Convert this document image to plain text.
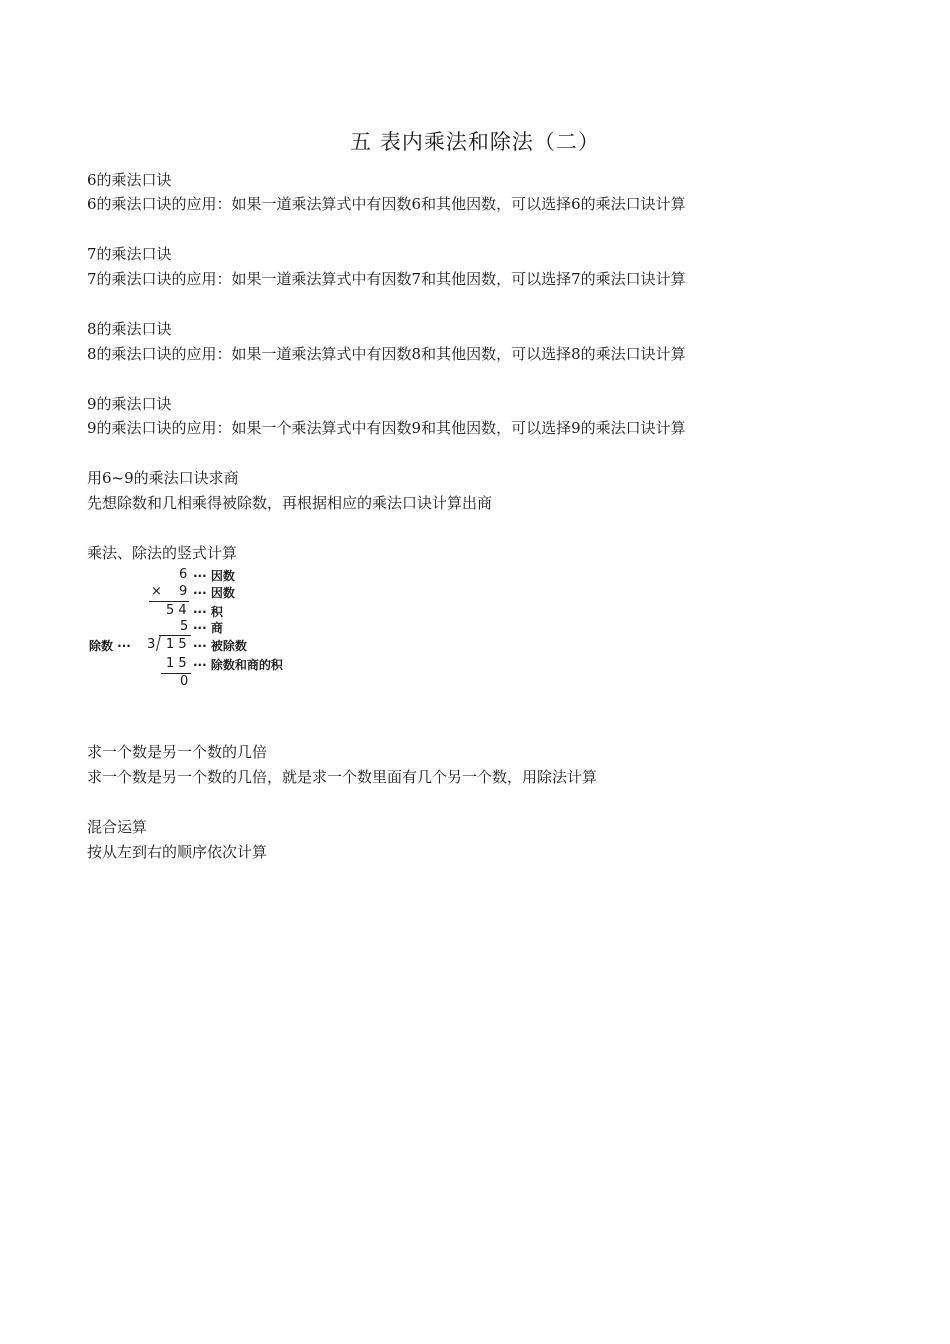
五 表内乘法和除法（二）
6的乘法口诀
6的乘法口诀的应用：如果一道乘法算式中有因数6和其他因数，可以选择6的乘法口诀计算
7的乘法口诀
7的乘法口诀的应用：如果一道乘法算式中有因数7和其他因数，可以选择7的乘法口诀计算
8的乘法口诀
8的乘法口诀的应用：如果一道乘法算式中有因数8和其他因数，可以选择8的乘法口诀计算
9的乘法口诀
9的乘法口诀的应用：如果一个乘法算式中有因数9和其他因数，可以选择9的乘法口诀计算
用6~9的乘法口诀求商
先想除数和几相乘得被除数，再根据相应的乘法口诀计算出商
乘法、除法的竖式计算
6 ··· 因数
× 9 ··· 因数
5 4 ··· 积
5 ··· 商
除数 ··· 3 1 5 ··· 被除数
1 5 ··· 除数和商的积
0
求一个数是另一个数的几倍
求一个数是另一个数的几倍，就是求一个数里面有几个另一个数，用除法计算
混合运算
按从左到右的顺序依次计算
